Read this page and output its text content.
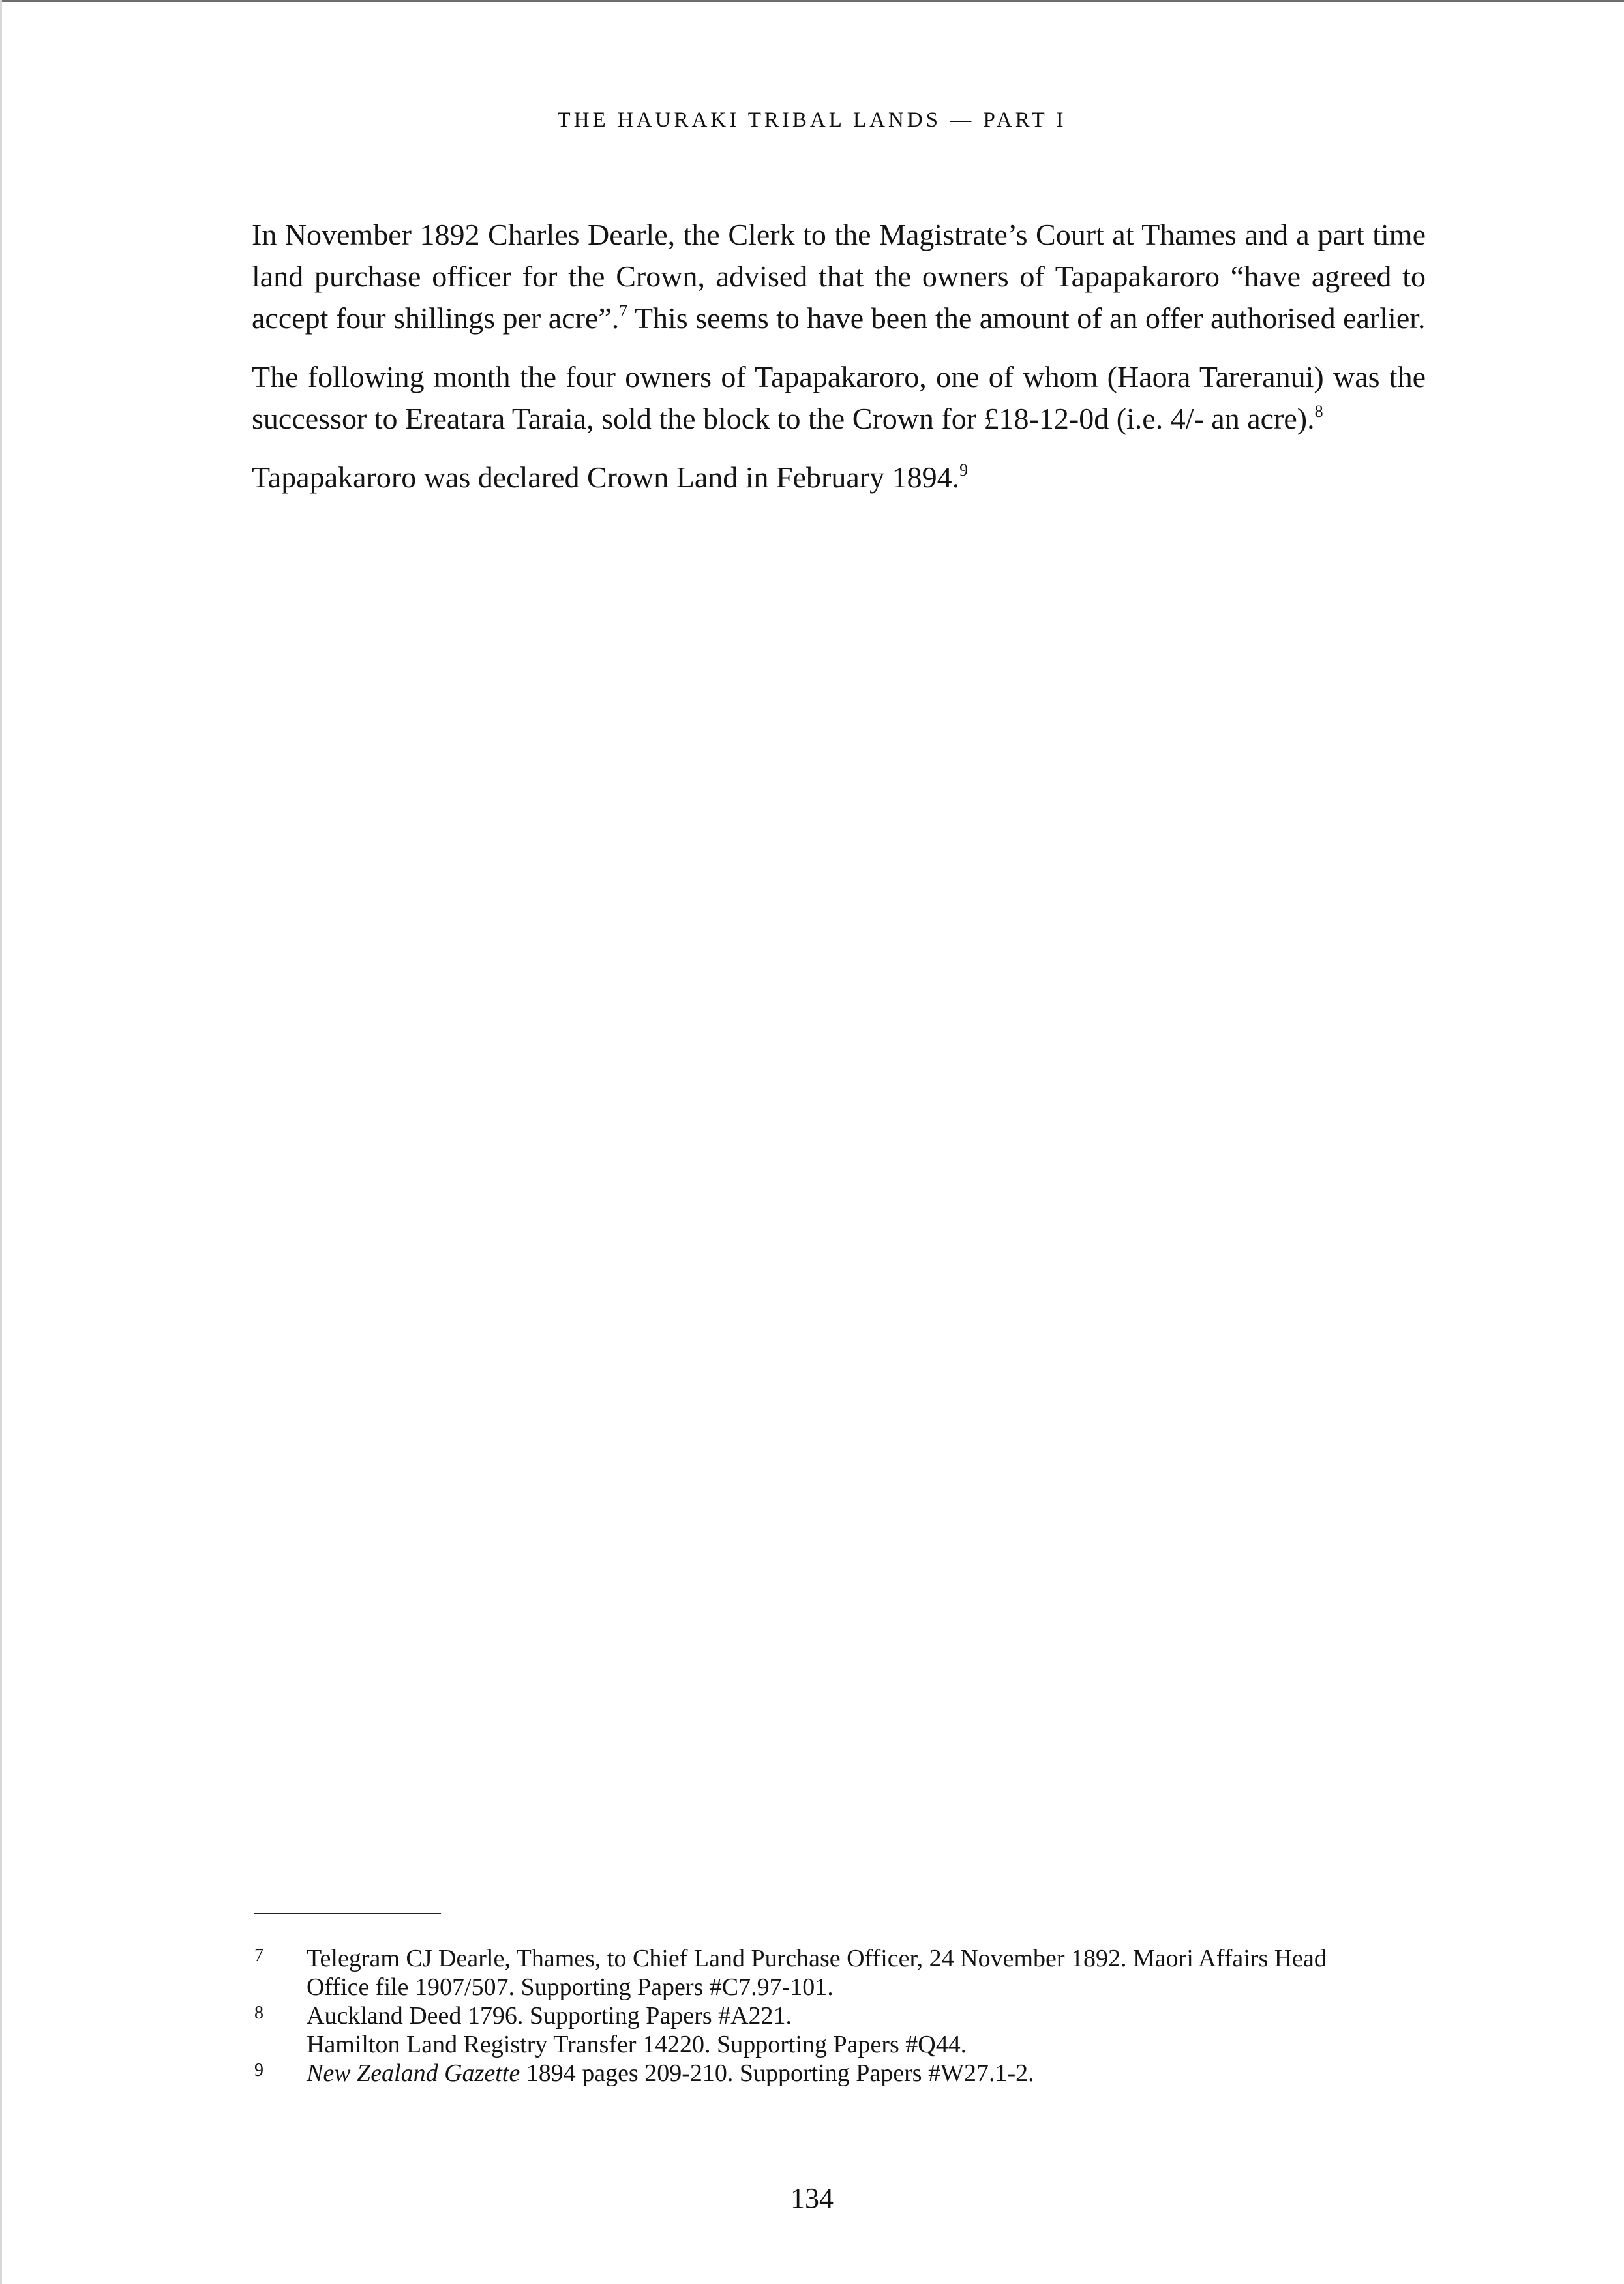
THE HAURAKI TRIBAL LANDS — PART I

In November 1892 Charles Dearle, the Clerk to the Magistrate’s Court at Thames and a part time land purchase officer for the Crown, advised that the owners of Tapapakaroro “have agreed to accept four shillings per acre”.$^7$ This seems to have been the amount of an offer authorised earlier.

The following month the four owners of Tapapakaroro, one of whom (Haora Tareranui) was the successor to Ereatara Taraia, sold the block to the Crown for £18-12-0d (i.e. 4/- an acre).$^8$

Tapapakaroro was declared Crown Land in February 1894.$^9$

7 Telegram CJ Dearle, Thames, to Chief Land Purchase Officer, 24 November 1892. Maori Affairs Head
Office file 1907/507. Supporting Papers #C7.97-101.
8 Auckland Deed 1796. Supporting Papers #A221.
Hamilton Land Registry Transfer 14220. Supporting Papers #Q44.
9 New Zealand Gazette 1894 pages 209-210. Supporting Papers #W27.1-2.
134
